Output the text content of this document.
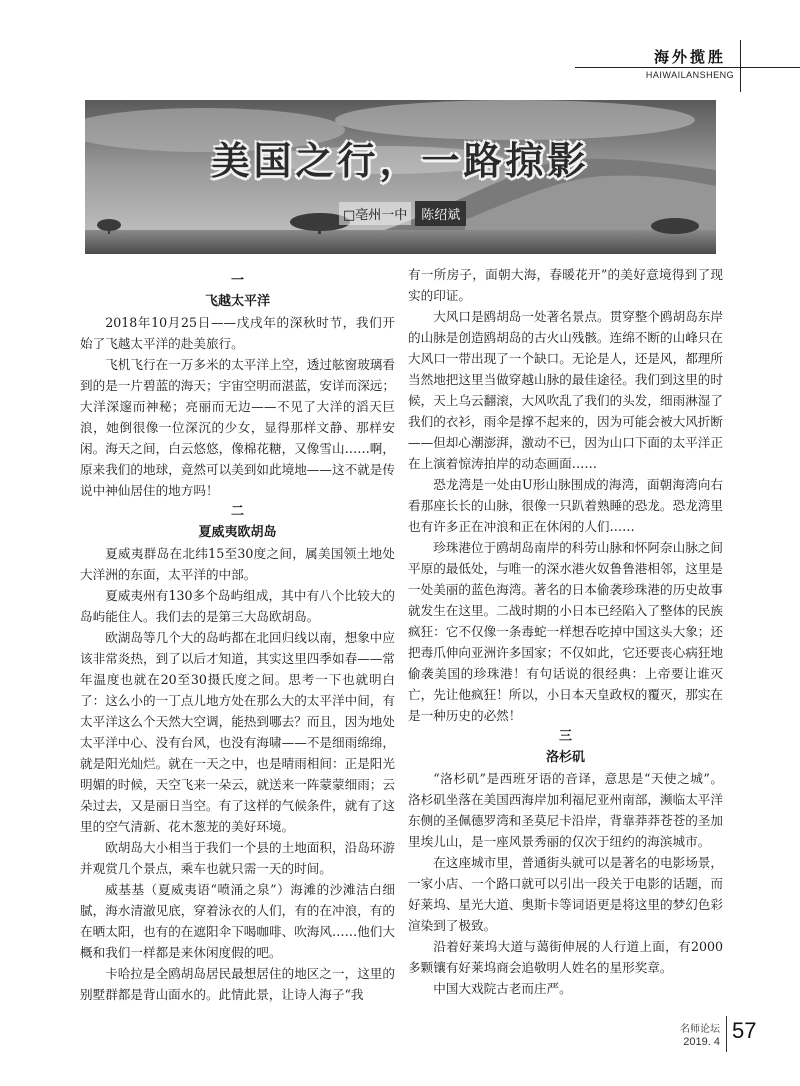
海外揽胜
HAIWAILANSHENG
美国之行，一路掠影
□亳州一中	陈绍斌
一
飞越太平洋

2018年10月25日——戊戌年的深秋时节，我们开始了飞越太平洋的赴美旅行。

飞机飞行在一万多米的太平洋上空，透过舷窗玻璃看到的是一片碧蓝的海天；宇宙空明而湛蓝，安详而深远；大洋深邃而神秘；亮丽而无边——不见了大洋的滔天巨浪，她倒很像一位深沉的少女，显得那样文静、那样安闲。海天之间，白云悠悠，像棉花糖，又像雪山……啊，原来我们的地球，竟然可以美到如此境地——这不就是传说中神仙居住的地方吗！

二
夏威夷欧胡岛

夏威夷群岛在北纬15至30度之间，属美国领土地处大洋洲的东面，太平洋的中部。

夏威夷州有130多个岛屿组成，其中有八个比较大的岛屿能住人。我们去的是第三大岛欧胡岛。

欧湖岛等几个大的岛屿都在北回归线以南，想象中应该非常炎热，到了以后才知道，其实这里四季如春——常年温度也就在20至30摄氏度之间。思考一下也就明白了：这么小的一丁点儿地方处在那么大的太平洋中间，有太平洋这么个天然大空调，能热到哪去？而且，因为地处太平洋中心、没有台风，也没有海啸——不是细雨绵绵，就是阳光灿烂。就在一天之中，也是晴雨相间：正是阳光明媚的时候，天空飞来一朵云，就送来一阵蒙蒙细雨；云朵过去，又是丽日当空。有了这样的气候条件，就有了这里的空气清新、花木葱茏的美好环境。

欧胡岛大小相当于我们一个县的土地面积，沿岛环游并观赏几个景点，乘车也就只需一天的时间。

威基基（夏威夷语“喷涌之泉”）海滩的沙滩洁白细腻，海水清澈见底，穿着泳衣的人们，有的在冲浪，有的在晒太阳，也有的在遮阳伞下喝咖啡、吹海风……他们大概和我们一样都是来休闲度假的吧。

卡哈拉是全鸥胡岛居民最想居住的地区之一，这里的别墅群都是背山面水的。此情此景，让诗人海子“我

有一所房子，面朝大海，春暖花开”的美好意境得到了现实的印证。

大风口是鸥胡岛一处著名景点。贯穿整个鸥胡岛东岸的山脉是创造鸥胡岛的古火山残骸。连绵不断的山峰只在大风口一带出现了一个缺口。无论是人，还是风，都理所当然地把这里当做穿越山脉的最佳途径。我们到这里的时候，天上乌云翻滚，大风吹乱了我们的头发，细雨淋湿了我们的衣衫，雨伞是撑不起来的，因为可能会被大风折断——但却心潮澎湃，激动不已，因为山口下面的太平洋正在上演着惊涛拍岸的动态画面……

恐龙湾是一处由U形山脉围成的海湾，面朝海湾向右看那座长长的山脉，很像一只趴着熟睡的恐龙。恐龙湾里也有许多正在冲浪和正在休闲的人们……

珍珠港位于鸥胡岛南岸的科劳山脉和怀阿奈山脉之间平原的最低处，与唯一的深水港火奴鲁鲁港相邻，这里是一处美丽的蓝色海湾。著名的日本偷袭珍珠港的历史故事就发生在这里。二战时期的小日本已经陷入了整体的民族疯狂：它不仅像一条毒蛇一样想吞吃掉中国这头大象；还把毒爪伸向亚洲许多国家；不仅如此，它还要丧心病狂地偷袭美国的珍珠港！有句话说的很经典：上帝要让谁灭亡，先让他疯狂！所以，小日本天皇政权的覆灭，那实在是一种历史的必然！

三
洛杉矶

“洛杉矶”是西班牙语的音译，意思是“天使之城”。洛杉矶坐落在美国西海岸加利福尼亚州南部，濒临太平洋东侧的圣佩德罗湾和圣莫尼卡沿岸，背靠莽莽苍苍的圣加里埃儿山，是一座风景秀丽的仅次于纽约的海滨城市。

在这座城市里，普通街头就可以是著名的电影场景，一家小店、一个路口就可以引出一段关于电影的话题，而好莱坞、星光大道、奥斯卡等词语更是将这里的梦幻色彩渲染到了极致。

沿着好莱坞大道与蔼街伸展的人行道上面，有2000多颗镶有好莱坞商会追敬明人姓名的星形奖章。

中国大戏院古老而庄严。

名师论坛
2019. 4 57
